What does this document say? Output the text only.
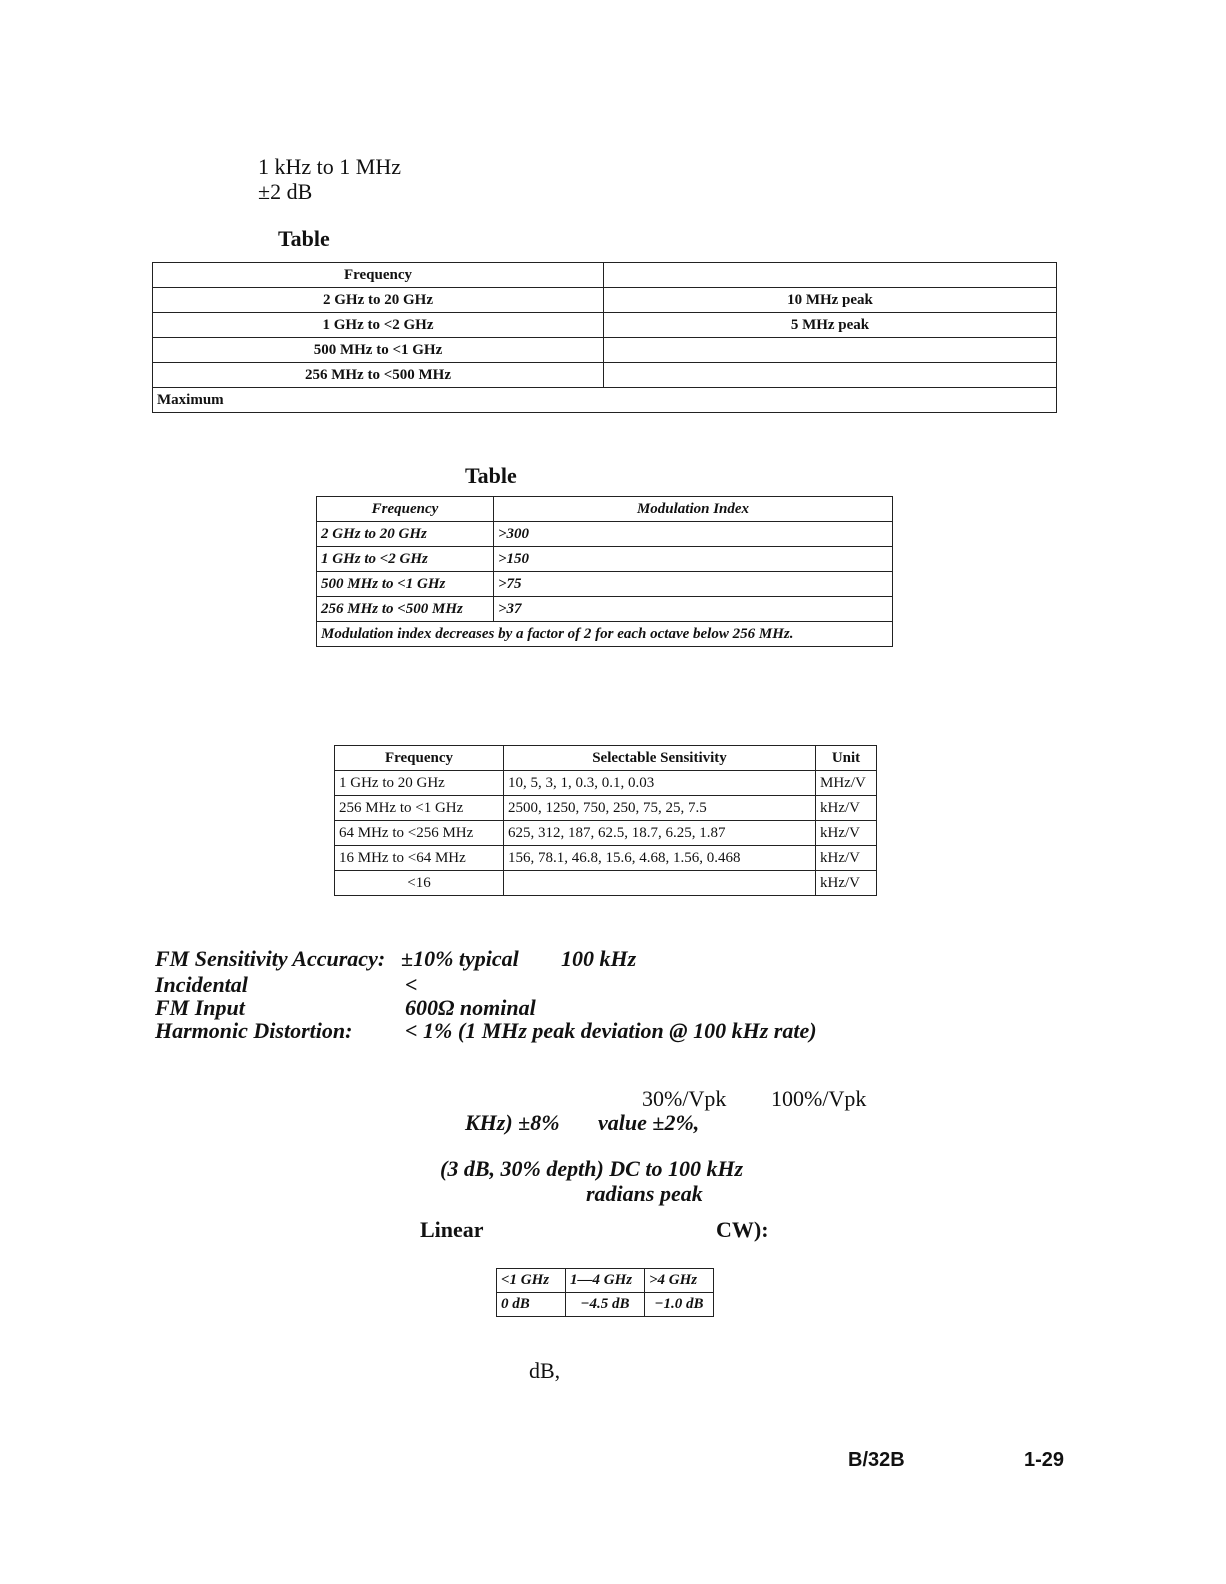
1 kHz to 1 MHz
±2 dB
Table
Frequency	
2 GHz to 20 GHz	10 MHz peak
1 GHz to <2 GHz	5 MHz peak
500 MHz to <1 GHz	
256 MHz to <500 MHz	
Maximum	
Table
Frequency	Modulation Index
2 GHz to 20 GHz	>300
1 GHz to <2 GHz	>150
500 MHz to <1 GHz	>75
256 MHz to <500 MHz	>37
Modulation index decreases by a factor of 2 for each octave below 256 MHz.	
Frequency	Selectable Sensitivity	Unit
1 GHz to 20 GHz	10, 5, 3, 1, 0.3, 0.1, 0.03	MHz/V
256 MHz to <1 GHz	2500, 1250, 750, 250, 75, 25, 7.5	kHz/V
64 MHz to <256 MHz	625, 312, 187, 62.5, 18.7, 6.25, 1.87	kHz/V
16 MHz to <64 MHz	156, 78.1, 46.8, 15.6, 4.68, 1.56, 0.468	kHz/V
<16		kHz/V
FM Sensitivity Accuracy: ±10% typical 100 kHz
Incidental	<
FM Input	600Ω nominal
Harmonic Distortion: < 1% (1 MHz peak deviation @ 100 kHz rate)
30%/Vpk 100%/Vpk
KHz) ±8% value ±2%,
(3 dB, 30% depth) DC to 100 kHz
radians peak
Linear	CW):
<1 GHz	1—4 GHz	>4 GHz
0 dB	−4.5 dB	−1.0 dB
dB,
B/32B	1-29
